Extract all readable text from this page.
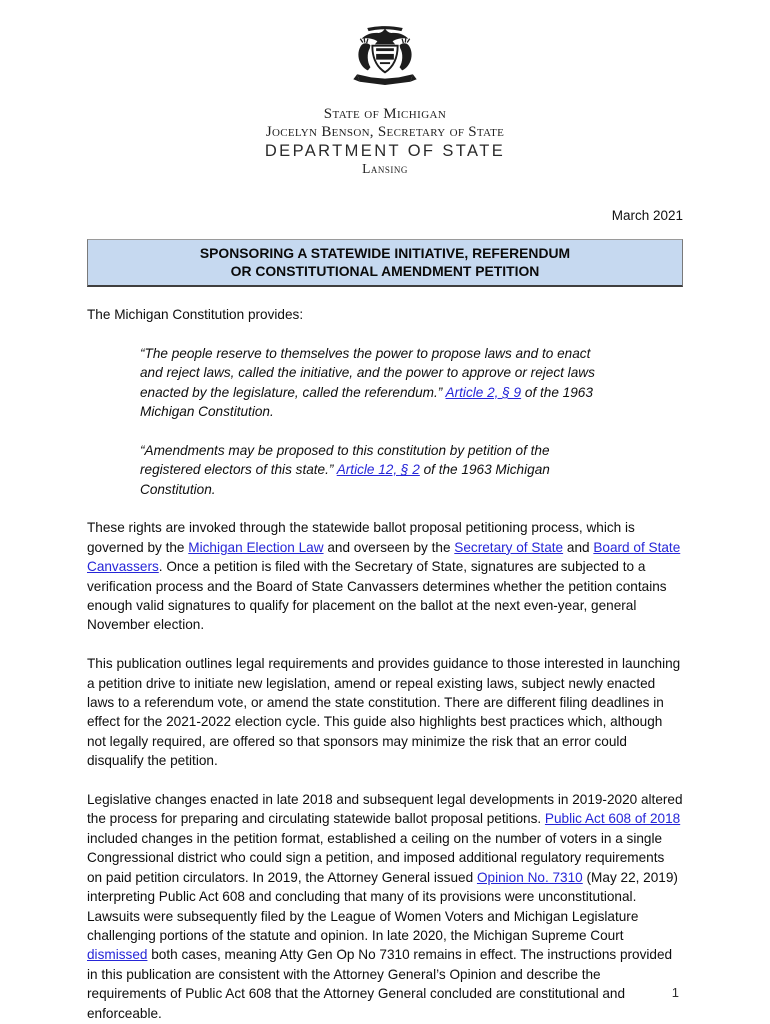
State of Michigan
Jocelyn Benson, Secretary of State
DEPARTMENT OF STATE
Lansing
March 2021
SPONSORING A STATEWIDE INITIATIVE, REFERENDUM
OR CONSTITUTIONAL AMENDMENT PETITION

The Michigan Constitution provides:

“The people reserve to themselves the power to propose laws and to enact and reject laws, called the initiative, and the power to approve or reject laws enacted by the legislature, called the referendum.” Article 2, § 9 of the 1963 Michigan Constitution.
“Amendments may be proposed to this constitution by petition of the registered electors of this state.” Article 12, § 2 of the 1963 Michigan Constitution.

These rights are invoked through the statewide ballot proposal petitioning process, which is governed by the Michigan Election Law and overseen by the Secretary of State and Board of State Canvassers. Once a petition is filed with the Secretary of State, signatures are subjected to a verification process and the Board of State Canvassers determines whether the petition contains enough valid signatures to qualify for placement on the ballot at the next even-year, general November election.

This publication outlines legal requirements and provides guidance to those interested in launching a petition drive to initiate new legislation, amend or repeal existing laws, subject newly enacted laws to a referendum vote, or amend the state constitution. There are different filing deadlines in effect for the 2021-2022 election cycle. This guide also highlights best practices which, although not legally required, are offered so that sponsors may minimize the risk that an error could disqualify the petition.

Legislative changes enacted in late 2018 and subsequent legal developments in 2019-2020 altered the process for preparing and circulating statewide ballot proposal petitions. Public Act 608 of 2018 included changes in the petition format, established a ceiling on the number of voters in a single Congressional district who could sign a petition, and imposed additional regulatory requirements on paid petition circulators. In 2019, the Attorney General issued Opinion No. 7310 (May 22, 2019) interpreting Public Act 608 and concluding that many of its provisions were unconstitutional. Lawsuits were subsequently filed by the League of Women Voters and Michigan Legislature challenging portions of the statute and opinion. In late 2020, the Michigan Supreme Court dismissed both cases, meaning Atty Gen Op No 7310 remains in effect. The instructions provided in this publication are consistent with the Attorney General’s Opinion and describe the requirements of Public Act 608 that the Attorney General concluded are constitutional and enforceable.

1
